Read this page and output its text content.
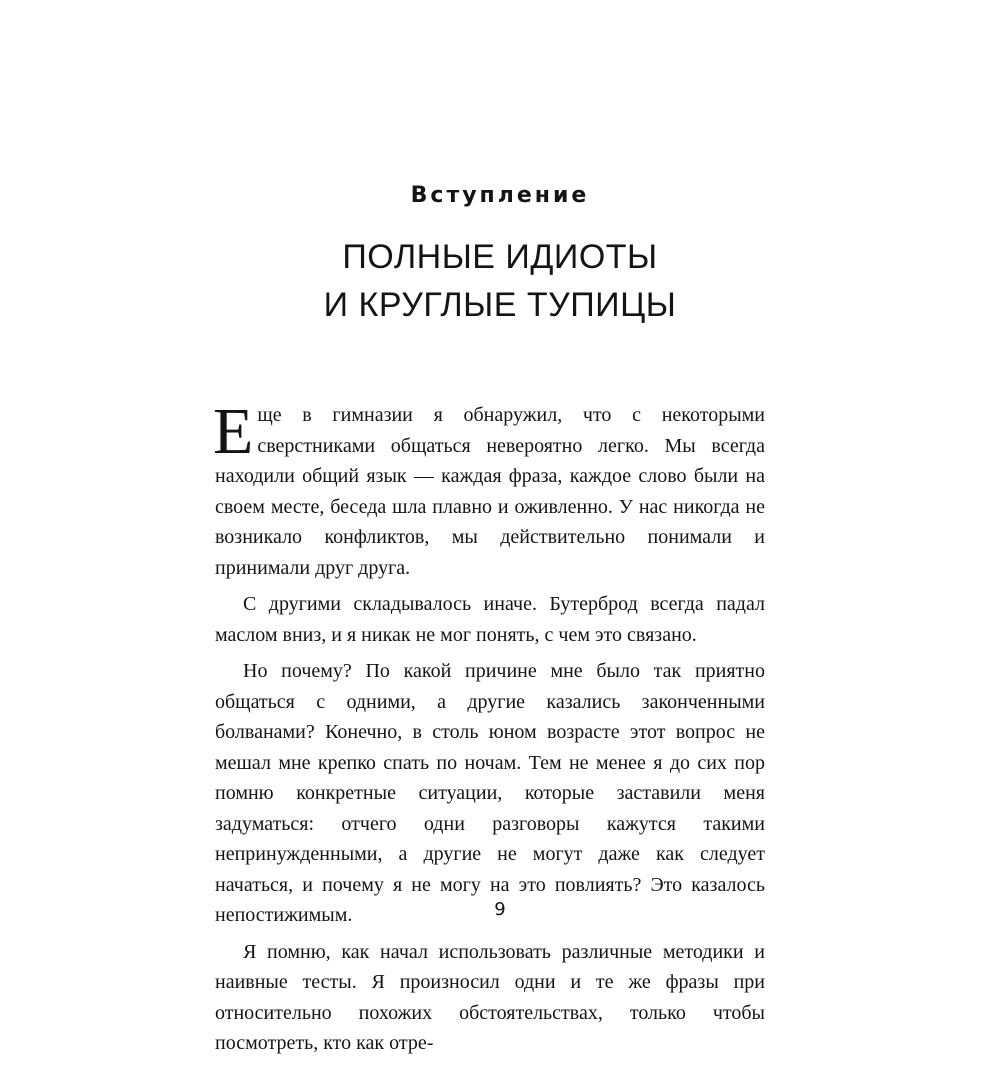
Вступление
ПОЛНЫЕ ИДИОТЫ
И КРУГЛЫЕ ТУПИЦЫ

Еще в гимназии я обнаружил, что с некоторыми сверстниками общаться невероятно легко. Мы всегда находили общий язык — каждая фраза, каждое слово были на своем месте, беседа шла плавно и оживленно. У нас никогда не возникало конфликтов, мы действительно понимали и принимали друг друга.

С другими складывалось иначе. Бутерброд всегда падал маслом вниз, и я никак не мог понять, с чем это связано.

Но почему? По какой причине мне было так приятно общаться с одними, а другие казались законченными болванами? Конечно, в столь юном возрасте этот вопрос не мешал мне крепко спать по ночам. Тем не менее я до сих пор помню конкретные ситуации, которые заставили меня задуматься: отчего одни разговоры кажутся такими непринужденными, а другие не могут даже как следует начаться, и почему я не могу на это повлиять? Это казалось непостижимым.

Я помню, как начал использовать различные методики и наивные тесты. Я произносил одни и те же фразы при относительно похожих обстоятельствах, только чтобы посмотреть, кто как отре-

9
